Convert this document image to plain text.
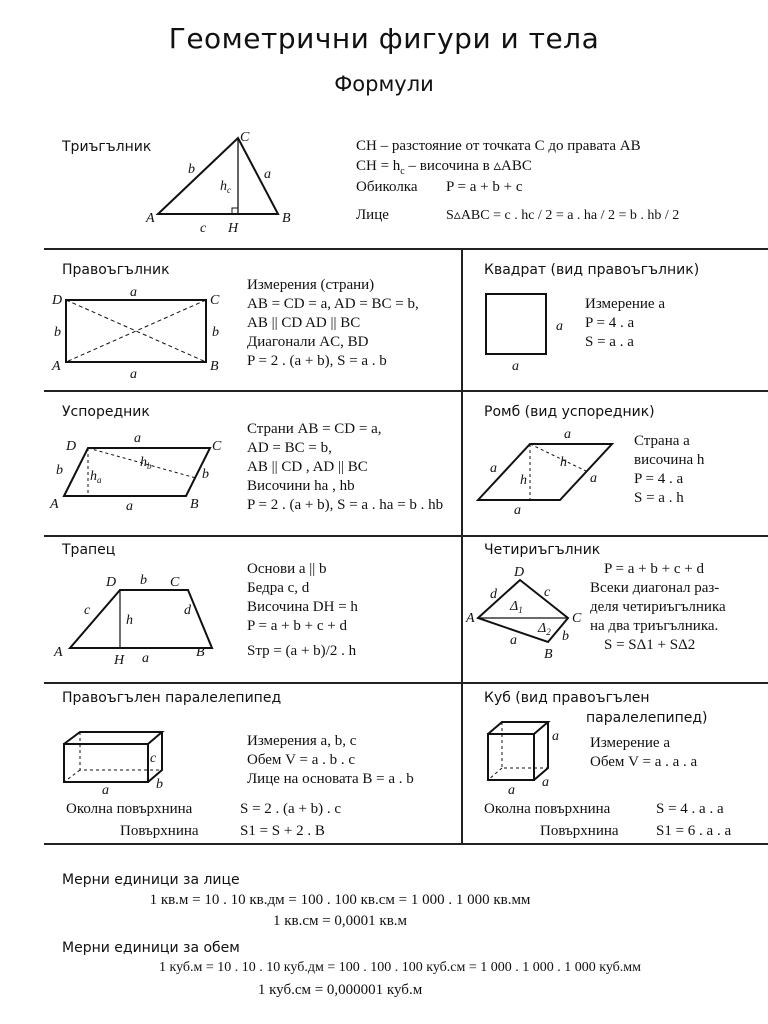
Геометрични фигури и тела
Формули
Триъгълник
C
A	B
b	a
$h_c$
c H
CH – разстояние от точката C до правата AB
CH = $h_c$ – височина в ▵ABC
Обиколка P = a + b + c
Лице	S▵ABC = c . hc / 2 = a . ha / 2 = b . hb / 2
Правоъгълник
D	C
A	B
a
a
b	b
Измерения (страни)
AB = CD = a, AD = BC = b,
AB || CD AD || BC
Диагонали AC, BD
P = 2 . (a + b), S = a . b
Квадрат (вид правоъгълник)
a
a
Измерение a
P = 4 . a
S = a . a
Успоредник
D	C
A	B
a
a
b	b
$h_a$
$h_b$
Страни AB = CD = a,
AD = BC = b,
AB || CD , AD || BC
Височини ha , hb
P = 2 . (a + b), S = a . ha = b . hb
Ромб (вид успоредник)
a
a
a
a
h
h
Страна a
височина h
P = 4 . a
S = a . h
Трапец
D	C
b
A	B
c	d
h
H a
Основи a || b
Бедра c, d
Височина DH = h
P = a + b + c + d
Sтр = (a + b)/2 . h
Четириъгълник
D
A	C
B
d	c
a	b
$\Delta_1$
$\Delta_2$
P = a + b + c + d
Всеки диагонал раз-
деля четириъгълника
на два триъгълника.
S = SΔ1 + SΔ2
Правоъгълен паралелепипед
c
b
a
Измерения a, b, c
Обем V = a . b . c
Лице на основата B = a . b
Околна повърхнина	S = 2 . (a + b) . c
Повърхнина	S1 = S + 2 . B
Куб (вид правоъгълен
паралелепипед)
a
a
a
Измерение a
Обем V = a . a . a
Околна повърхнина	S = 4 . a . a
Повърхнина S1 = 6 . a . a
Мерни единици за лице
1 кв.м = 10 . 10 кв.дм = 100 . 100 кв.см = 1 000 . 1 000 кв.мм
1 кв.см = 0,0001 кв.м
Мерни единици за обем
1 куб.м = 10 . 10 . 10 куб.дм = 100 . 100 . 100 куб.см = 1 000 . 1 000 . 1 000 куб.мм
1 куб.см = 0,000001 куб.м
